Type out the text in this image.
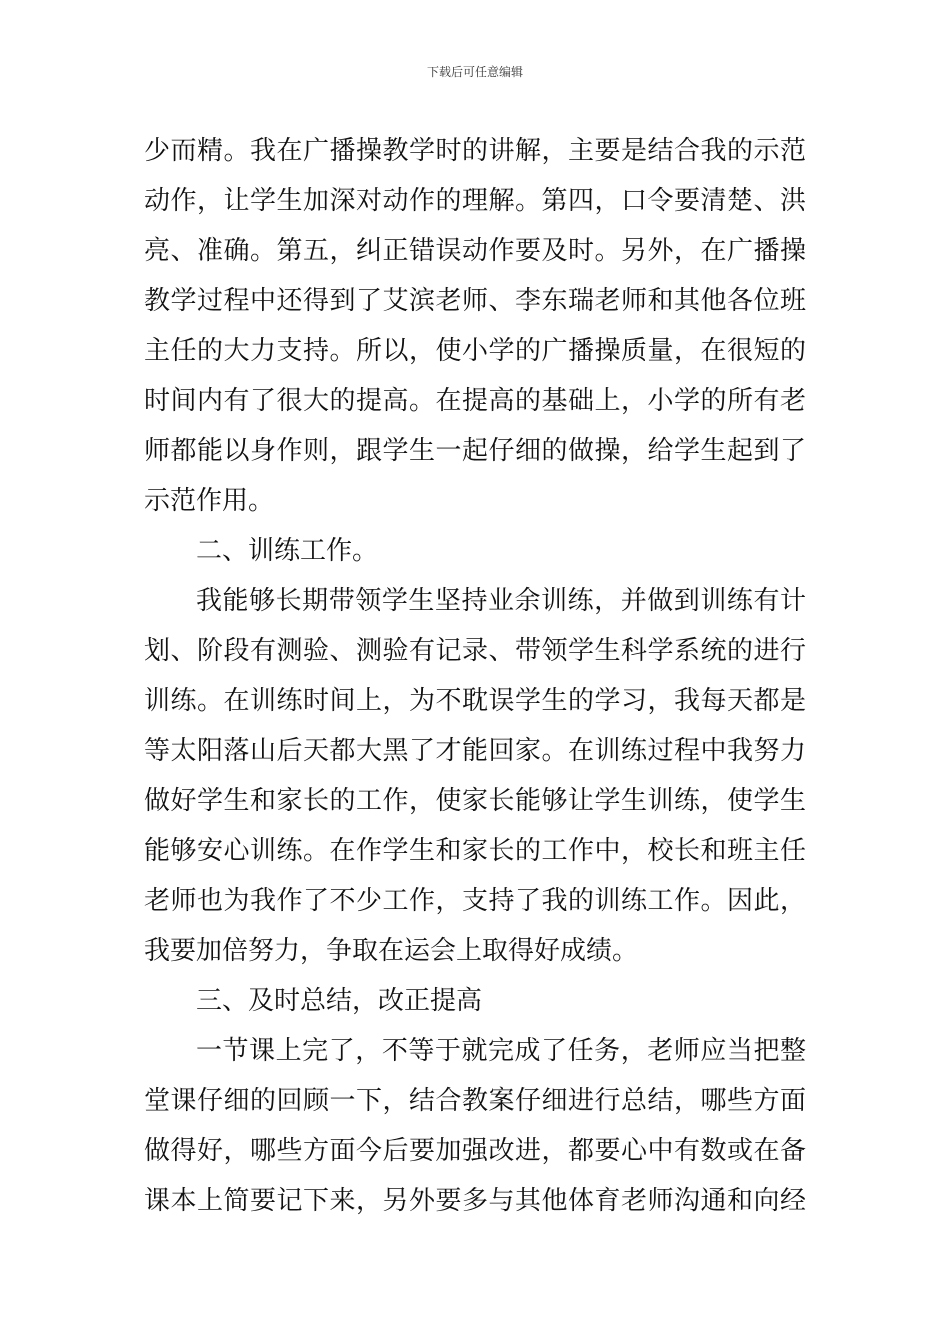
下载后可任意编辑
少而精。我在广播操教学时的讲解，主要是结合我的示范
动作，让学生加深对动作的理解。第四，口令要清楚、洪
亮、准确。第五，纠正错误动作要及时。另外，在广播操
教学过程中还得到了艾滨老师、李东瑞老师和其他各位班
主任的大力支持。所以，使小学的广播操质量，在很短的
时间内有了很大的提高。在提高的基础上，小学的所有老
师都能以身作则，跟学生一起仔细的做操，给学生起到了
示范作用。
二、训练工作。
我能够长期带领学生坚持业余训练，并做到训练有计
划、阶段有测验、测验有记录、带领学生科学系统的进行
训练。在训练时间上，为不耽误学生的学习，我每天都是
等太阳落山后天都大黑了才能回家。在训练过程中我努力
做好学生和家长的工作，使家长能够让学生训练，使学生
能够安心训练。在作学生和家长的工作中，校长和班主任
老师也为我作了不少工作，支持了我的训练工作。因此，
我要加倍努力，争取在运会上取得好成绩。
三、及时总结，改正提高
一节课上完了，不等于就完成了任务，老师应当把整
堂课仔细的回顾一下，结合教案仔细进行总结，哪些方面
做得好，哪些方面今后要加强改进，都要心中有数或在备
课本上简要记下来，另外要多与其他体育老师沟通和向经
